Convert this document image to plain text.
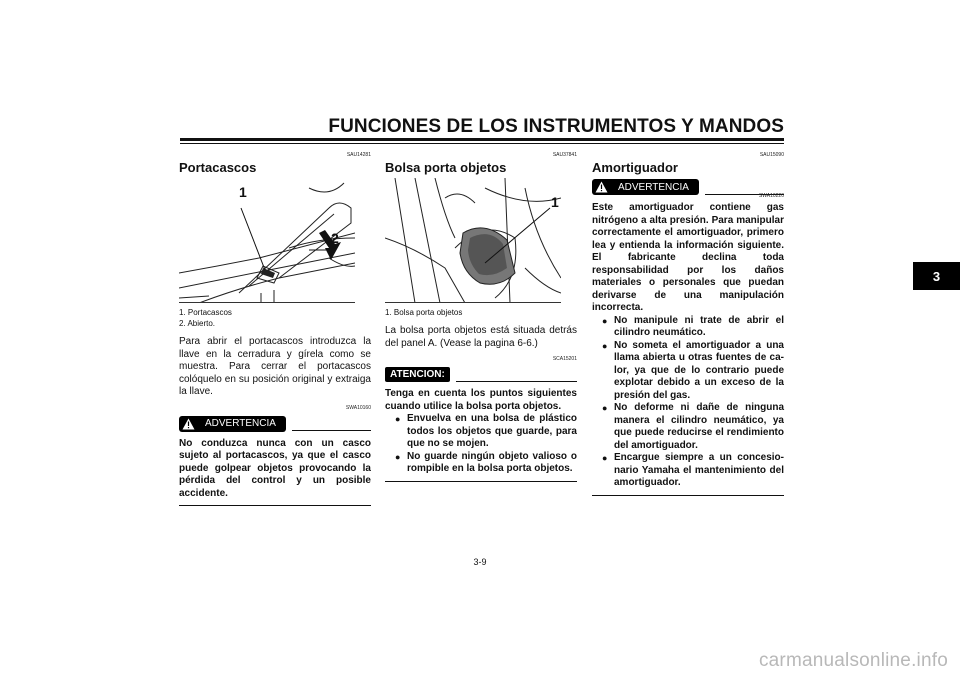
FUNCIONES DE LOS INSTRUMENTOS Y MANDOS
3
SAU14281
Portacascos
1
2
1. Portacascos
2. Abierto.
Para abrir el portacascos introduzca la llave en la cerradura y gírela como se muestra. Para cerrar el portacascos colóquelo en su posición original y extraiga la llave.
SWA10160
ADVERTENCIA
No conduzca nunca con un casco sujeto al portacascos, ya que el casco puede golpear objetos provocando la pérdida del control y un posible accidente.
SAU37841
Bolsa porta objetos
1
1. Bolsa porta objetos
La bolsa porta objetos está situada detrás del panel A. (Vease la pagina 6-6.)
SCA15201
ATENCION:
Tenga en cuenta los puntos siguientes cuando utilice la bolsa porta objetos.
● Envuelva en una bolsa de plástico todos los objetos que guarde, para que no se mojen.
● No guarde ningún objeto valioso o rompible en la bolsa porta objetos.
SAU15090
Amortiguador
ADVERTENCIA
SWA10220
Este amortiguador contiene gas nitrógeno a alta presión. Para manipular correctamente el amortiguador, primero lea y entienda la información siguiente. El fabricante declina toda responsabilidad por los daños materiales o personales que puedan derivarse de una manipulación incorrecta.
● No manipule ni trate de abrir el cilindro neumático.
● No someta el amortiguador a una llama abierta u otras fuentes de calor, ya que de lo contrario puede explotar debido a un exceso de la presión del gas.
● No deforme ni dañe de ninguna manera el cilindro neumático, ya que puede reducirse el rendimiento del amortiguador.
● Encargue siempre a un concesionario Yamaha el mantenimiento del amortiguador.
3-9
carmanualsonline.info
